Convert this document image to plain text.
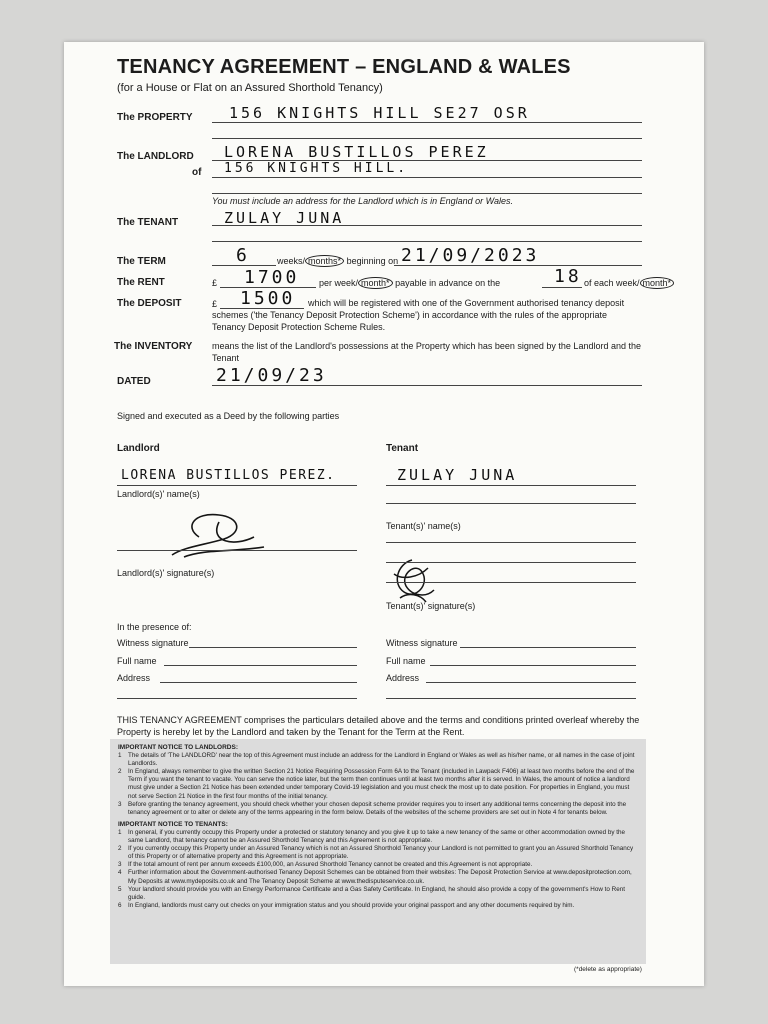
TENANCY AGREEMENT – ENGLAND & WALES
(for a House or Flat on an Assured Shorthold Tenancy)
The PROPERTY 156 KNIGHTS HILL SE27 OSR
The LANDLORD LORENA BUSTILLOS PEREZ
of 156 KNIGHTS HILL.
You must include an address for the Landlord which is in England or Wales.
The TENANT	ZULAY JUNA
The TERM	6	weeks/ months* beginning on 21/09/2023
The RENT	£ 1700 per week/ month* payable in advance on the	18 of each week/ month*
The DEPOSIT	£ 1500 which will be registered with one of the Government authorised tenancy deposit
schemes ('the Tenancy Deposit Protection Scheme') in accordance with the rules of the appropriate
Tenancy Deposit Protection Scheme Rules.
The INVENTORY means the list of the Landlord's possessions at the Property which has been signed by the Landlord and the
Tenant
DATED	21/09/23
Signed and executed as a Deed by the following parties
Landlord	Tenant
LORENA BUSTILLOS PEREZ.
Landlord(s)' name(s)
ZULAY JUNA
Tenant(s)' name(s)
Landlord(s)' signature(s)
Tenant(s)' signature(s)
In the presence of:
Witness signature
Full name
Address
Witness signature
Full name
Address
THIS TENANCY AGREEMENT comprises the particulars detailed above and the terms and conditions printed overleaf whereby the
Property is hereby let by the Landlord and taken by the Tenant for the Term at the Rent.
IMPORTANT NOTICE TO LANDLORDS:
1	The details of 'The LANDLORD' near the top of this Agreement must include an address for the Landlord in England or Wales as well as his/her name, or all names in the case of joint Landlords.
2	In England, always remember to give the written Section 21 Notice Requiring Possession Form 6A to the Tenant (included in Lawpack F406) at least two months before the end of the Term if you want the tenant to vacate. You can serve the notice later, but the term then continues until at least two months after it is served. In Wales, the amount of notice a landlord must give under a Section 21 Notice has been extended under temporary Covid-19 legislation and you must check the most up to date position. For properties in England, you must not serve Section 21 Notice in the first four months of the initial tenancy.
3	Before granting the tenancy agreement, you should check whether your chosen deposit scheme provider requires you to insert any additional terms concerning the deposit into the tenancy agreement or to alter or delete any of the terms appearing in the form below. Details of the websites of the scheme providers are set out in Note 4 for tenants below.
IMPORTANT NOTICE TO TENANTS:
1	In general, if you currently occupy this Property under a protected or statutory tenancy and you give it up to take a new tenancy of the same or other accommodation owned by the same Landlord, that tenancy cannot be an Assured Shorthold Tenancy and this Agreement is not appropriate.
2	If you currently occupy this Property under an Assured Tenancy which is not an Assured Shorthold Tenancy your Landlord is not permitted to grant you an Assured Shorthold Tenancy of this Property or of alternative property and this Agreement is not appropriate.
3	If the total amount of rent per annum exceeds £100,000, an Assured Shorthold Tenancy cannot be created and this Agreement is not appropriate.
4	Further information about the Government-authorised Tenancy Deposit Schemes can be obtained from their websites: The Deposit Protection Service at www.depositprotection.com, My Deposits at www.mydeposits.co.uk and The Tenancy Deposit Scheme at www.thedisputeservice.co.uk.
5	Your landlord should provide you with an Energy Performance Certificate and a Gas Safety Certificate. In England, he should also provide a copy of the government's How to Rent guide.
6	In England, landlords must carry out checks on your immigration status and you should provide your original passport and any other documents required by him.
(*delete as appropriate)
